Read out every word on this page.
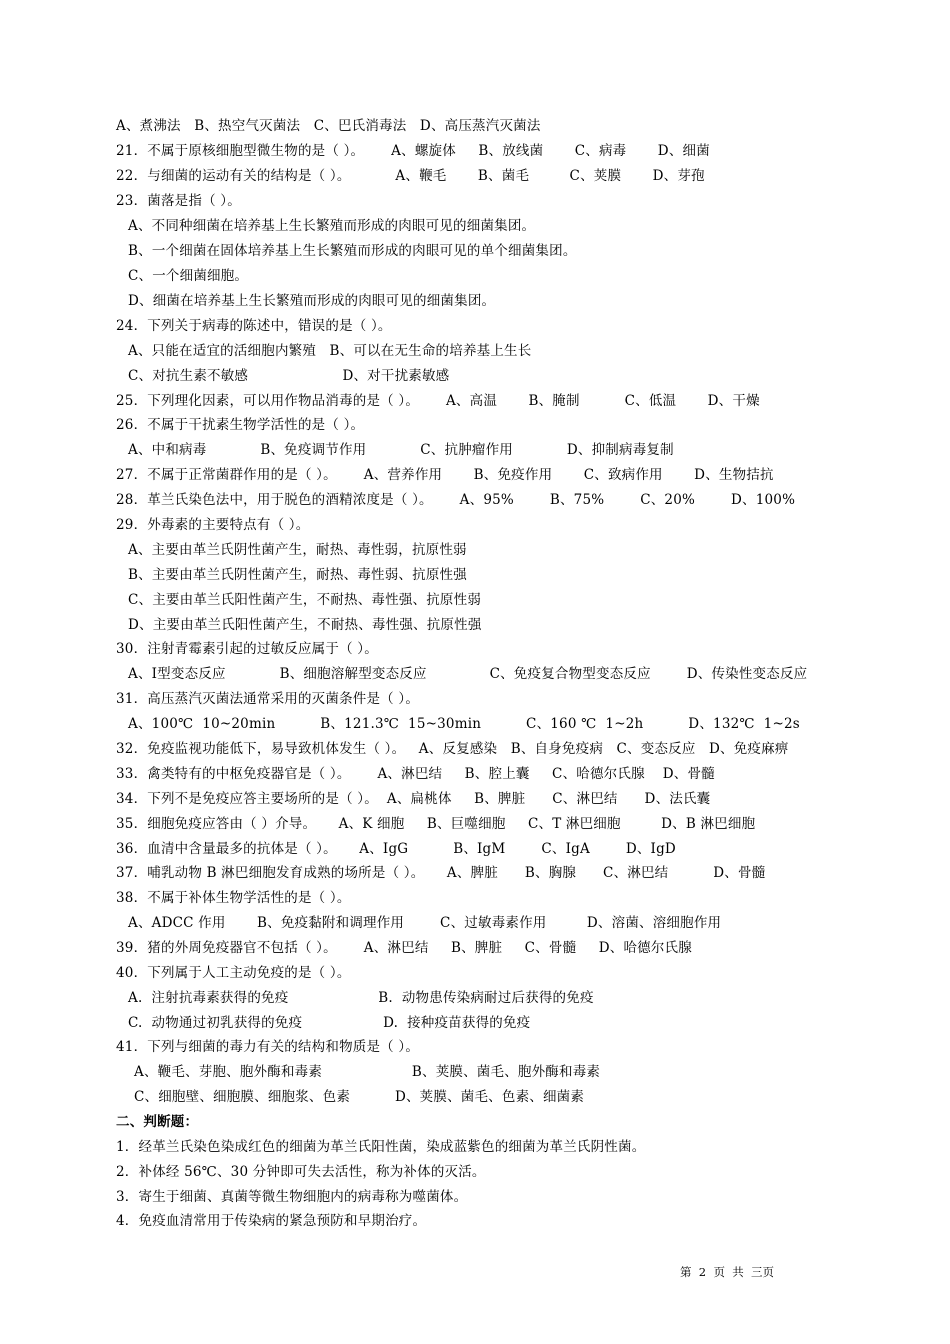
A、煮沸法   B、热空气灭菌法   C、巴氏消毒法   D、高压蒸汽灭菌法
21．不属于原核细胞型微生物的是（ ）。      A、螺旋体     B、放线菌       C、病毒       D、细菌
22．与细菌的运动有关的结构是（ ）。          A、鞭毛       B、菌毛         C、荚膜       D、芽孢
23．菌落是指（ ）。
A、不同种细菌在培养基上生长繁殖而形成的肉眼可见的细菌集团。
B、一个细菌在固体培养基上生长繁殖而形成的肉眼可见的单个细菌集团。
C、一个细菌细胞。
D、细菌在培养基上生长繁殖而形成的肉眼可见的细菌集团。
24．下列关于病毒的陈述中，错误的是（ ）。
A、只能在适宜的活细胞内繁殖   B、可以在无生命的培养基上生长
C、对抗生素不敏感                     D、对干扰素敏感
25．下列理化因素，可以用作物品消毒的是（ ）。      A、高温       B、腌制          C、低温       D、干燥
26．不属于干扰素生物学活性的是（ ）。
A、中和病毒            B、免疫调节作用            C、抗肿瘤作用            D、抑制病毒复制
27．不属于正常菌群作用的是（ ）。      A、营养作用       B、免疫作用       C、致病作用       D、生物拮抗
28．革兰氏染色法中，用于脱色的酒精浓度是（ ）。      A、95%        B、75%        C、20%        D、100%
29．外毒素的主要特点有（ ）。
A、主要由革兰氏阴性菌产生，耐热、毒性弱，抗原性弱
B、主要由革兰氏阴性菌产生，耐热、毒性弱、抗原性强
C、主要由革兰氏阳性菌产生，不耐热、毒性强、抗原性弱
D、主要由革兰氏阳性菌产生，不耐热、毒性强、抗原性强
30．注射青霉素引起的过敏反应属于（ ）。
A、Ⅰ型变态反应            B、细胞溶解型变态反应              C、免疫复合物型变态反应        D、传染性变态反应
31．高压蒸汽灭菌法通常采用的灭菌条件是（ ）。
A、100℃  10~20min          B、121.3℃  15~30min          C、160 ℃  1~2h          D、132℃  1~2s
32．免疫监视功能低下，易导致机体发生（ ）。   A、反复感染   B、自身免疫病   C、变态反应   D、免疫麻痹
33．禽类特有的中枢免疫器官是（ ）。      A、淋巴结     B、腔上囊     C、哈德尔氏腺    D、骨髓
34．下列不是免疫应答主要场所的是（ ）。  A、扁桃体     B、脾脏      C、淋巴结      D、法氏囊
35．细胞免疫应答由（ ）介导。     A、K 细胞     B、巨噬细胞     C、T 淋巴细胞         D、B 淋巴细胞
36．血清中含量最多的抗体是（ ）。     A、IgG          B、IgM        C、IgA        D、IgD
37．哺乳动物 B 淋巴细胞发育成熟的场所是（ ）。     A、脾脏      B、胸腺      C、淋巴结          D、骨髓
38．不属于补体生物学活性的是（ ）。
A、ADCC 作用       B、免疫黏附和调理作用        C、过敏毒素作用         D、溶菌、溶细胞作用
39．猪的外周免疫器官不包括（ ）。      A、淋巴结     B、脾脏     C、骨髓     D、哈德尔氏腺
40．下列属于人工主动免疫的是（ ）。
A.  注射抗毒素获得的免疫                    B.  动物患传染病耐过后获得的免疫
C.  动物通过初乳获得的免疫                  D.  接种疫苗获得的免疫
41．下列与细菌的毒力有关的结构和物质是（ ）。
A、鞭毛、芽胞、胞外酶和毒素                    B、荚膜、菌毛、胞外酶和毒素
C、细胞壁、细胞膜、细胞浆、色素          D、荚膜、菌毛、色素、细菌素
二、判断题：
1．经革兰氏染色染成红色的细菌为革兰氏阳性菌，染成蓝紫色的细菌为革兰氏阴性菌。
2．补体经 56℃、30 分钟即可失去活性，称为补体的灭活。
3．寄生于细菌、真菌等微生物细胞内的病毒称为噬菌体。
4．免疫血清常用于传染病的紧急预防和早期治疗。
第  2  页  共  三页
